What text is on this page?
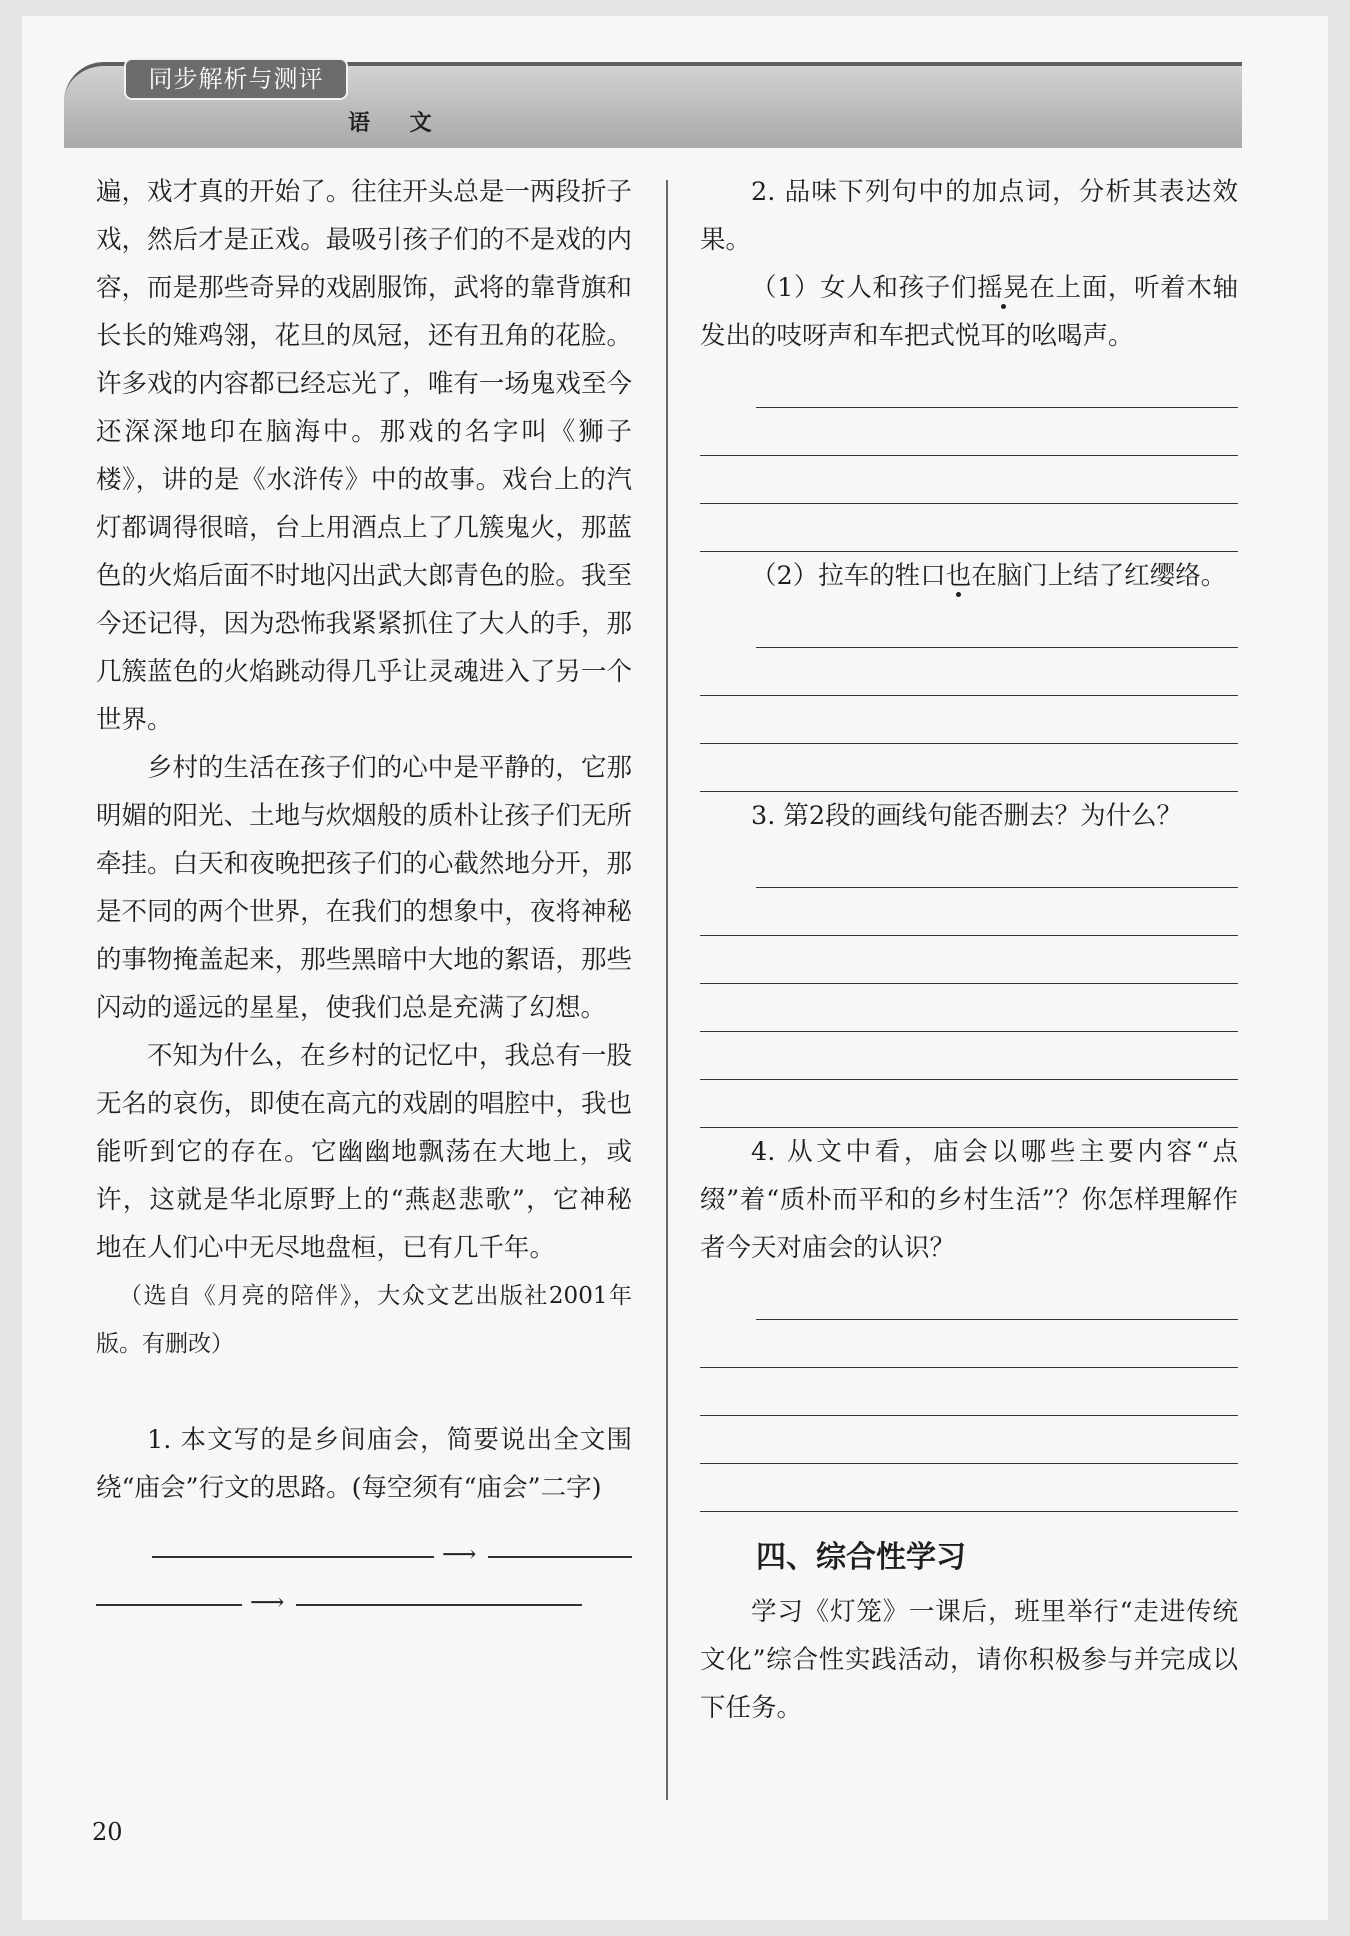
同步解析与测评
语 文

遍，戏才真的开始了。往往开头总是一两段折子戏，然后才是正戏。最吸引孩子们的不是戏的内容，而是那些奇异的戏剧服饰，武将的靠背旗和长长的雉鸡翎，花旦的凤冠，还有丑角的花脸。许多戏的内容都已经忘光了，唯有一场鬼戏至今还深深地印在脑海中。那戏的名字叫《狮子楼》，讲的是《水浒传》中的故事。戏台上的汽灯都调得很暗，台上用酒点上了几簇鬼火，那蓝色的火焰后面不时地闪出武大郎青色的脸。我至今还记得，因为恐怖我紧紧抓住了大人的手，那几簇蓝色的火焰跳动得几乎让灵魂进入了另一个世界。

乡村的生活在孩子们的心中是平静的，它那明媚的阳光、土地与炊烟般的质朴让孩子们无所牵挂。白天和夜晚把孩子们的心截然地分开，那是不同的两个世界，在我们的想象中，夜将神秘的事物掩盖起来，那些黑暗中大地的絮语，那些闪动的遥远的星星，使我们总是充满了幻想。

不知为什么，在乡村的记忆中，我总有一股无名的哀伤，即使在高亢的戏剧的唱腔中，我也能听到它的存在。它幽幽地飘荡在大地上，或许，这就是华北原野上的“燕赵悲歌”，它神秘地在人们心中无尽地盘桓，已有几千年。

（选自《月亮的陪伴》，大众文艺出版社2001年版。有删改）

1. 本文写的是乡间庙会，简要说出全文围绕“庙会”行文的思路。(每空须有“庙会”二字)

⟶
⟶

2. 品味下列句中的加点词，分析其表达效果。

（1）女人和孩子们摇晃在上面，听着木轴发出的吱呀声和车把式悦耳的吆喝声。

（2）拉车的牲口也在脑门上结了红缨络。

3. 第2段的画线句能否删去？为什么？

4. 从文中看，庙会以哪些主要内容“点缀”着“质朴而平和的乡村生活”？你怎样理解作者今天对庙会的认识？

四、综合性学习

学习《灯笼》一课后，班里举行“走进传统文化”综合性实践活动，请你积极参与并完成以下任务。

20
